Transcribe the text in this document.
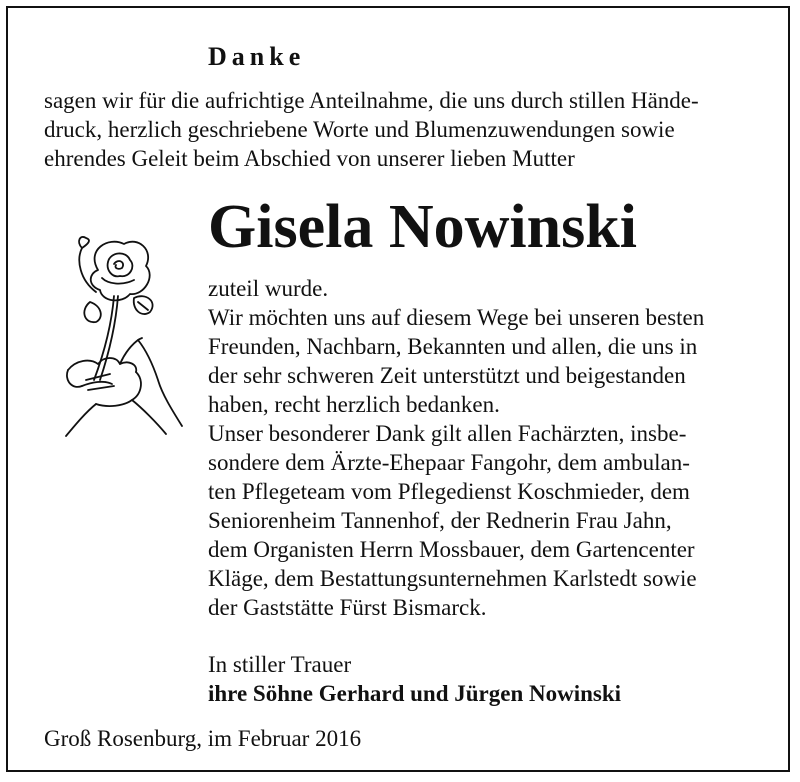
Danke
sagen wir für die aufrichtige Anteilnahme, die uns durch stillen Hände-
druck, herzlich geschriebene Worte und Blumenzuwendungen sowie
ehrendes Geleit beim Abschied von unserer lieben Mutter
Gisela Nowinski
zuteil wurde.
Wir möchten uns auf diesem Wege bei unseren besten
Freunden, Nachbarn, Bekannten und allen, die uns in
der sehr schweren Zeit unterstützt und beigestanden
haben, recht herzlich bedanken.
Unser besonderer Dank gilt allen Fachärzten, insbe-
sondere dem Ärzte-Ehepaar Fangohr, dem ambulan-
ten Pflegeteam vom Pflegedienst Koschmieder, dem
Seniorenheim Tannenhof, der Rednerin Frau Jahn,
dem Organisten Herrn Mossbauer, dem Gartencenter
Kläge, dem Bestattungsunternehmen Karlstedt sowie
der Gaststätte Fürst Bismarck.
In stiller Trauer
ihre Söhne Gerhard und Jürgen Nowinski
Groß Rosenburg, im Februar 2016
